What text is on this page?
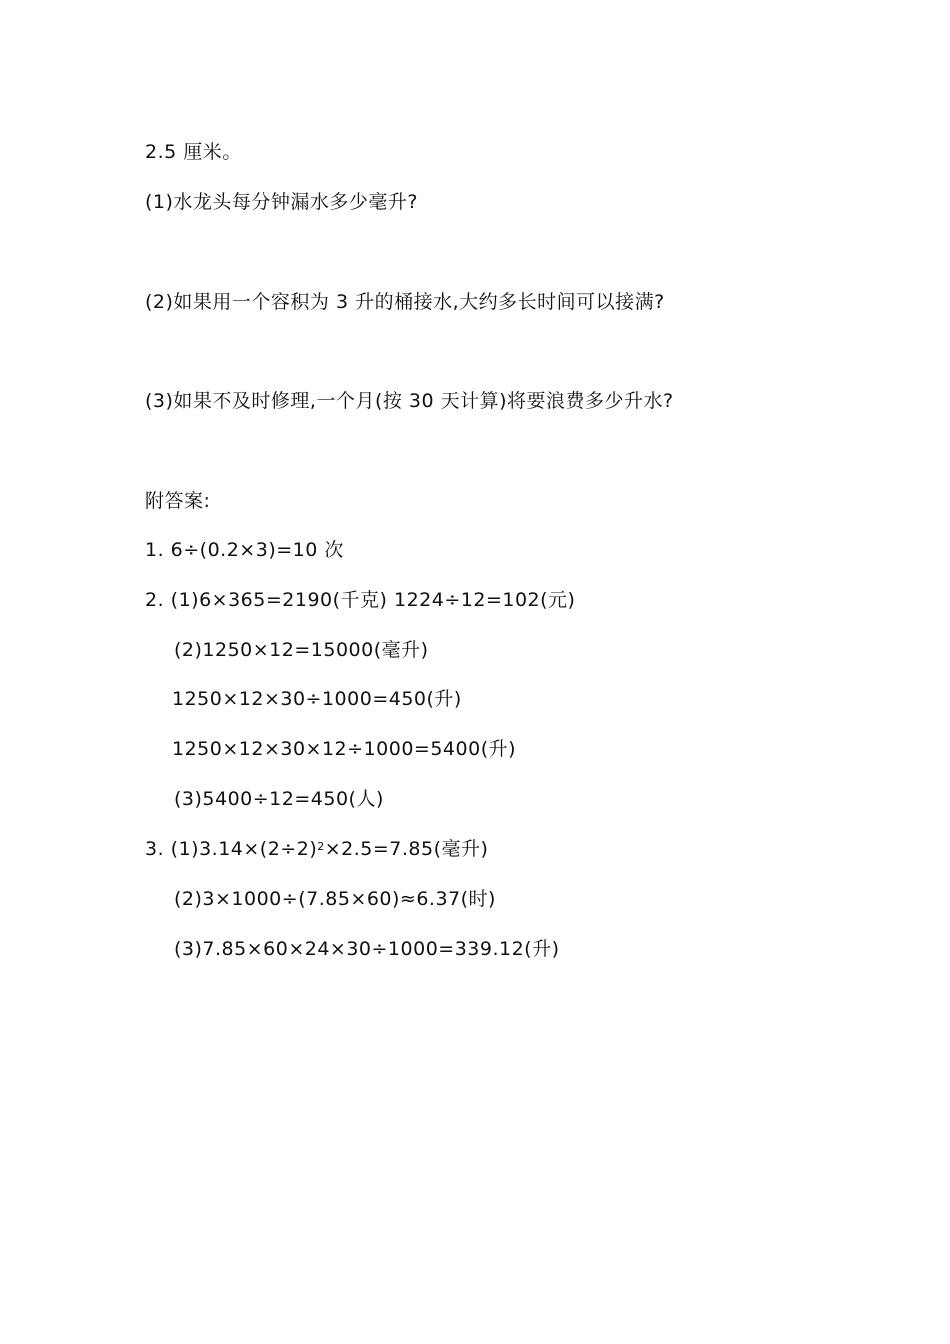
2.5 厘米。
(1)水龙头每分钟漏水多少毫升?
(2)如果用一个容积为 3 升的桶接水,大约多长时间可以接满?
(3)如果不及时修理,一个月(按 30 天计算)将要浪费多少升水?
附答案:
1. 6÷(0.2×3)=10 次
2. (1)6×365=2190(千克) 1224÷12=102(元)
(2)1250×12=15000(毫升)
1250×12×30÷1000=450(升)
1250×12×30×12÷1000=5400(升)
(3)5400÷12=450(人)
3. $(1)3.14\times(2\div 2)^2\times 2.5=7.85$(毫升)
(2)3×1000÷(7.85×60)≈6.37(时)
(3)7.85×60×24×30÷1000=339.12(升)
